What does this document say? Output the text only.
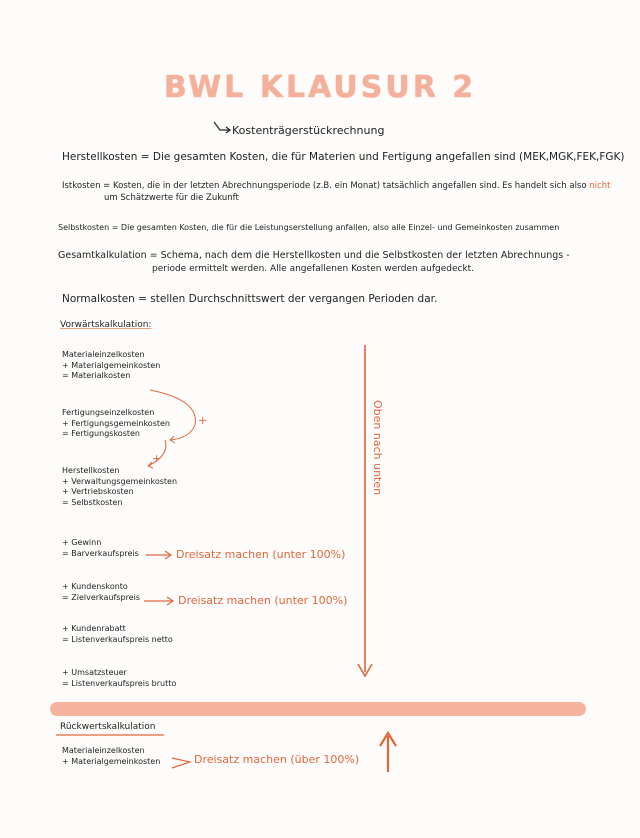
BWL KLAUSUR 2
Kostenträgerstückrechnung
Herstellkosten = Die gesamten Kosten, die für Materien und Fertigung angefallen sind (MEK,MGK,FEK,FGK)
Istkosten = Kosten, die in der letzten Abrechnungsperiode (z.B. ein Monat) tatsächlich angefallen sind. Es handelt sich also nicht
um Schätzwerte für die Zukunft
Selbstkosten = Die gesamten Kosten, die für die Leistungserstellung anfallen, also alle Einzel- und Gemeinkosten zusammen
Gesamtkalkulation = Schema, nach dem die Herstellkosten und die Selbstkosten der letzten Abrechnungs -
periode ermittelt werden. Alle angefallenen Kosten werden aufgedeckt.
Normalkosten = stellen Durchschnittswert der vergangen Perioden dar.
Vorwärtskalkulation:
Materialeinzelkosten
+ Materialgemeinkosten
= Materialkosten
Fertigungseinzelkosten
+ Fertigungsgemeinkosten
= Fertigungskosten
+
+
Herstellkosten
+ Verwaltungsgemeinkosten
+ Vertriebskosten
= Selbstkosten
+ Gewinn
= Barverkaufspreis	Dreisatz machen (unter 100%)
+ Kundenskonto
= Zielverkaufspreis	Dreisatz machen (unter 100%)
+ Kundenrabatt
= Listenverkaufspreis netto
+ Umsatzsteuer
= Listenverkaufspreis brutto
Oben nach unten
Rückwertskalkulation
Materialeinzelkosten
+ Materialgemeinkosten	Dreisatz machen (über 100%)
